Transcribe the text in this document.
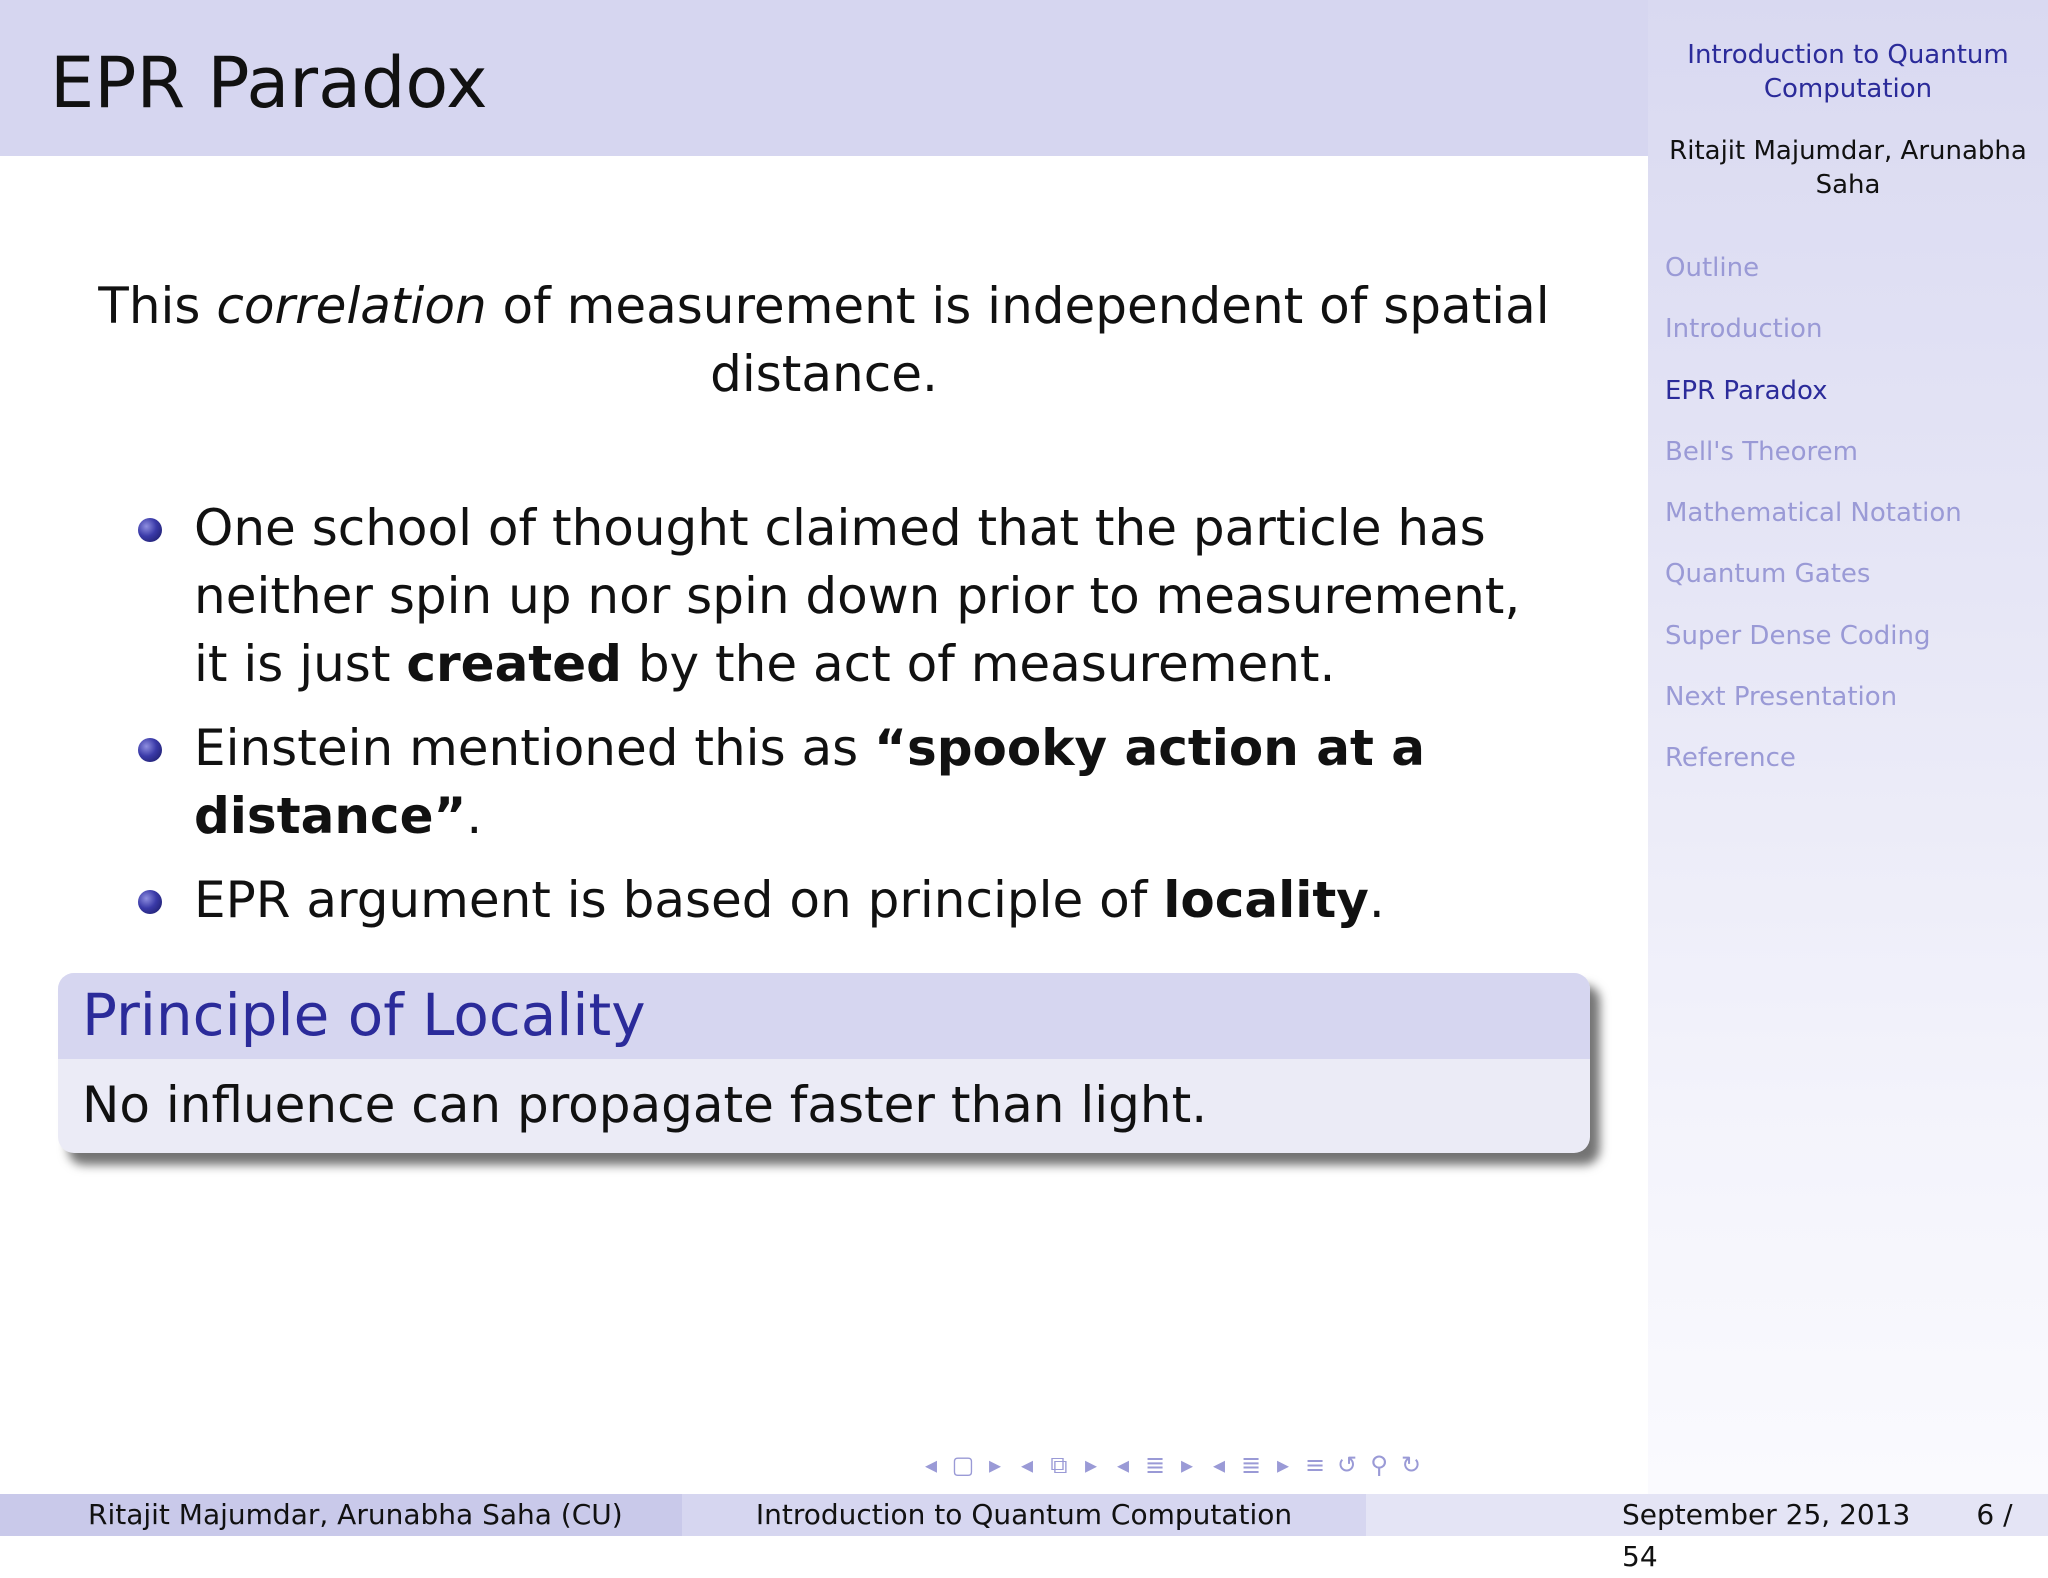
EPR Paradox	Introduction to Quantum Computation
Ritajit Majumdar, Arunabha Saha
Outline
Introduction
EPR Paradox
Bell's Theorem
Mathematical Notation
Quantum Gates
Super Dense Coding
Next Presentation
Reference
This correlation of measurement is independent of spatial distance.
One school of thought claimed that the particle has neither spin up nor spin down prior to measurement, it is just created by the act of measurement.
Einstein mentioned this as “spooky action at a distance”.
EPR argument is based on principle of locality.
Principle of Locality
No influence can propagate faster than light.
◂ ▢ ▸ ◂ ⧉ ▸ ◂ ≣ ▸ ◂ ≣ ▸ ≡ ↺ ⚲ ↻
Ritajit Majumdar, Arunabha Saha (CU)	Introduction to Quantum Computation	September 25, 2013 6 / 54
